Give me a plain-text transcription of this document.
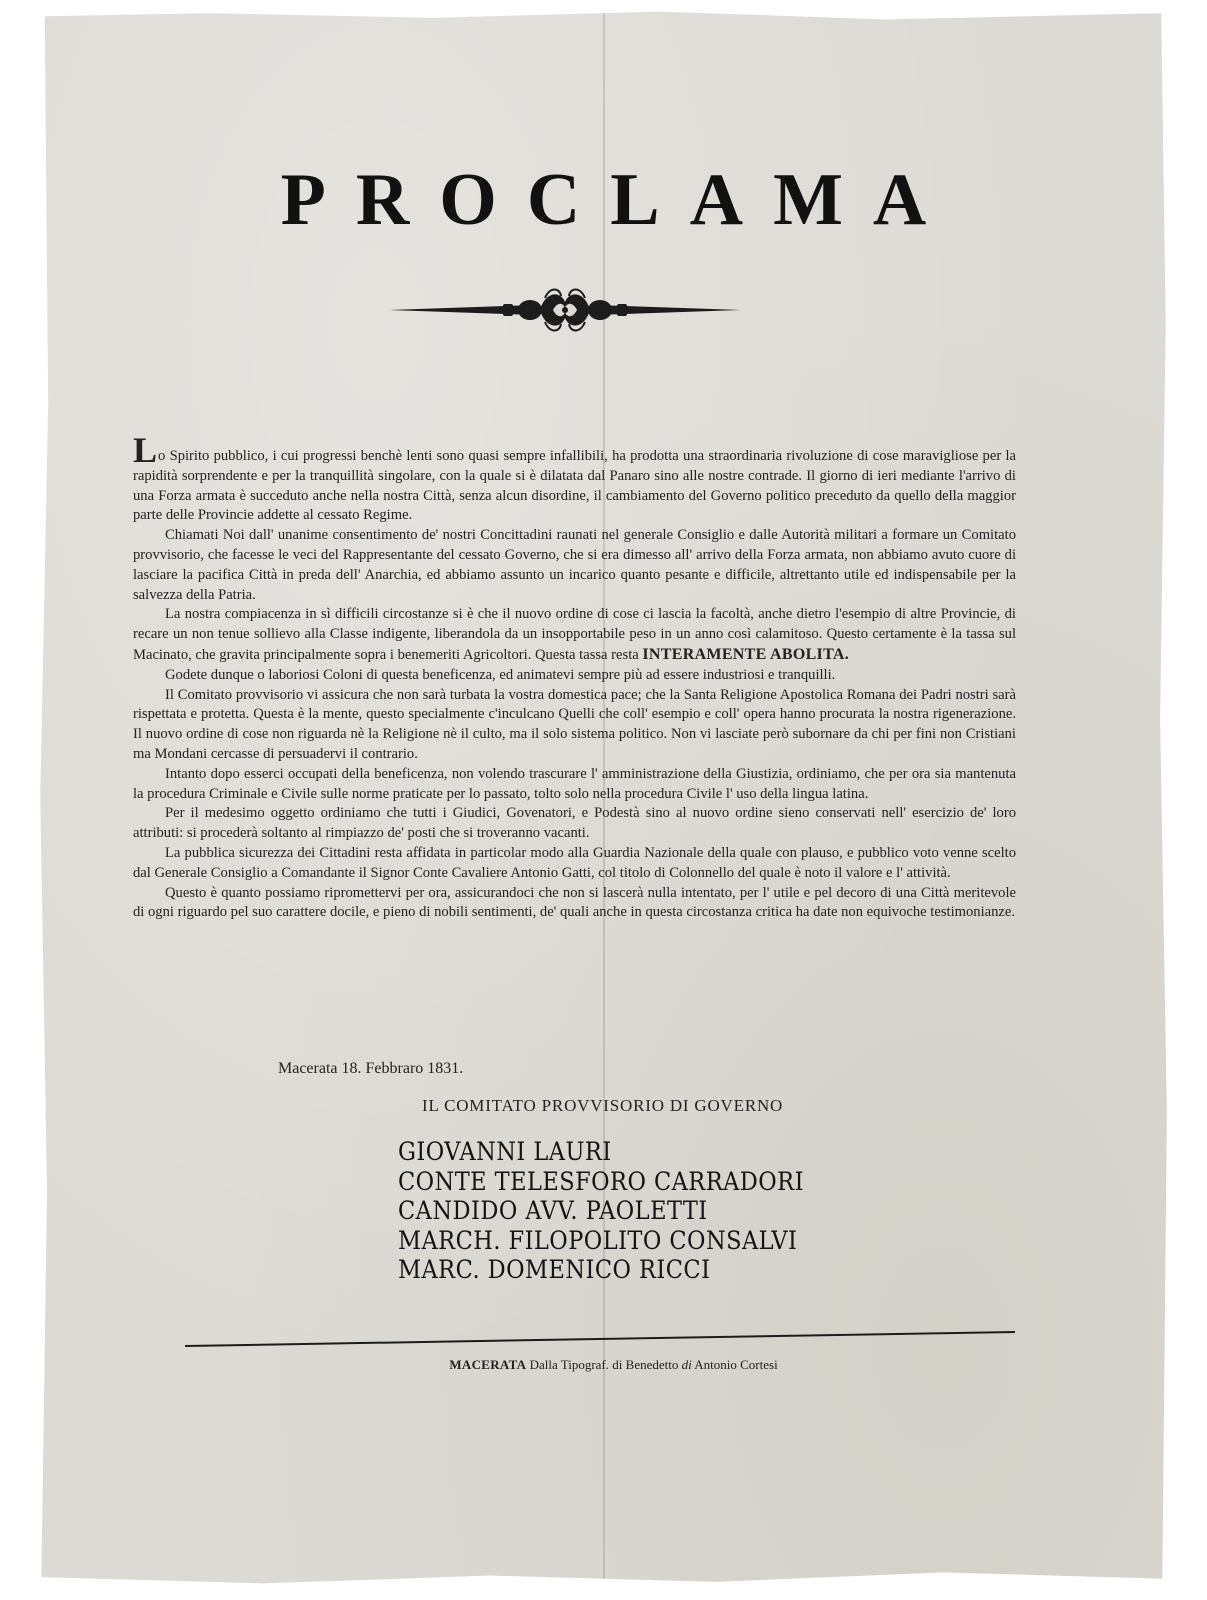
PROCLAMA

Lo Spirito pubblico, i cui progressi benchè lenti sono quasi sempre infallibili, ha prodotta una straordinaria rivoluzione di cose maravigliose per la rapidità sorprendente e per la tranquillità singolare, con la quale si è dilatata dal Panaro sino alle nostre contrade. Il giorno di ieri mediante l'arrivo di una Forza armata è succeduto anche nella nostra Città, senza alcun disordine, il cambiamento del Governo politico preceduto da quello della maggior parte delle Provincie addette al cessato Regime.

Chiamati Noi dall' unanime consentimento de' nostri Concittadini raunati nel generale Consiglio e dalle Autorità militari a formare un Comitato provvisorio, che facesse le veci del Rappresentante del cessato Governo, che si era dimesso all' arrivo della Forza armata, non abbiamo avuto cuore di lasciare la pacifica Città in preda dell' Anarchia, ed abbiamo assunto un incarico quanto pesante e difficile, altrettanto utile ed indispensabile per la salvezza della Patria.

La nostra compiacenza in sì difficili circostanze si è che il nuovo ordine di cose ci lascia la facoltà, anche dietro l'esempio di altre Provincie, di recare un non tenue sollievo alla Classe indigente, liberandola da un insopportabile peso in un anno così calamitoso. Questo certamente è la tassa sul Macinato, che gravita principalmente sopra i benemeriti Agricoltori. Questa tassa resta INTERAMENTE ABOLITA.

Godete dunque o laboriosi Coloni di questa beneficenza, ed animatevi sempre più ad essere industriosi e tranquilli.

Il Comitato provvisorio vi assicura che non sarà turbata la vostra domestica pace; che la Santa Religione Apostolica Romana dei Padri nostri sarà rispettata e protetta. Questa è la mente, questo specialmente c'inculcano Quelli che coll' esempio e coll' opera hanno procurata la nostra rigenerazione. Il nuovo ordine di cose non riguarda nè la Religione nè il culto, ma il solo sistema politico. Non vi lasciate però subornare da chi per fini non Cristiani ma Mondani cercasse di persuadervi il contrario.

Intanto dopo esserci occupati della beneficenza, non volendo trascurare l' amministrazione della Giustizia, ordiniamo, che per ora sia mantenuta la procedura Criminale e Civile sulle norme praticate per lo passato, tolto solo nella procedura Civile l' uso della lingua latina.

Per il medesimo oggetto ordiniamo che tutti i Giudici, Govenatori, e Podestà sino al nuovo ordine sieno conservati nell' esercizio de' loro attributi: si procederà soltanto al rimpiazzo de' posti che si troveranno vacanti.

La pubblica sicurezza dei Cittadini resta affidata in particolar modo alla Guardia Nazionale della quale con plauso, e pubblico voto venne scelto dal Generale Consiglio a Comandante il Signor Conte Cavaliere Antonio Gatti, col titolo di Colonnello del quale è noto il valore e l' attività.

Questo è quanto possiamo ripromettervi per ora, assicurandoci che non si lascerà nulla intentato, per l' utile e pel decoro di una Città meritevole di ogni riguardo pel suo carattere docile, e pieno di nobili sentimenti, de' quali anche in questa circostanza critica ha date non equivoche testimonianze.

Macerata 18. Febbraro 1831.
IL COMITATO PROVVISORIO DI GOVERNO
GIOVANNI LAURI
CONTE TELESFORO CARRADORI
CANDIDO AVV. PAOLETTI
MARCH. FILOPOLITO CONSALVI
MARC. DOMENICO RICCI
MACERATA Dalla Tipograf. di Benedetto di Antonio Cortesi
